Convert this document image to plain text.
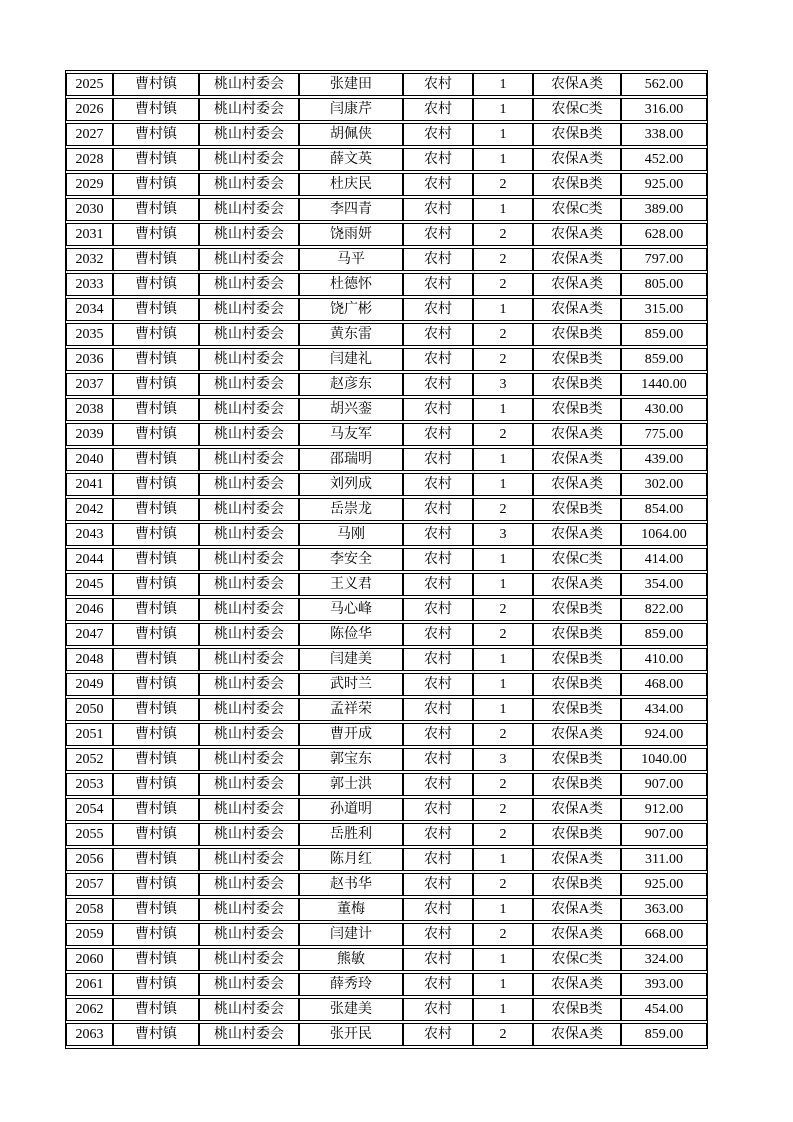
2025	曹村镇	桃山村委会	张建田	农村	1	农保A类	562.00
2026	曹村镇	桃山村委会	闫康芹	农村	1	农保C类	316.00
2027	曹村镇	桃山村委会	胡佩侠	农村	1	农保B类	338.00
2028	曹村镇	桃山村委会	薛文英	农村	1	农保A类	452.00
2029	曹村镇	桃山村委会	杜庆民	农村	2	农保B类	925.00
2030	曹村镇	桃山村委会	李四青	农村	1	农保C类	389.00
2031	曹村镇	桃山村委会	饶雨妍	农村	2	农保A类	628.00
2032	曹村镇	桃山村委会	马平	农村	2	农保A类	797.00
2033	曹村镇	桃山村委会	杜德怀	农村	2	农保A类	805.00
2034	曹村镇	桃山村委会	饶广彬	农村	1	农保A类	315.00
2035	曹村镇	桃山村委会	黄东雷	农村	2	农保B类	859.00
2036	曹村镇	桃山村委会	闫建礼	农村	2	农保B类	859.00
2037	曹村镇	桃山村委会	赵彦东	农村	3	农保B类	1440.00
2038	曹村镇	桃山村委会	胡兴銮	农村	1	农保B类	430.00
2039	曹村镇	桃山村委会	马友军	农村	2	农保A类	775.00
2040	曹村镇	桃山村委会	邵瑞明	农村	1	农保A类	439.00
2041	曹村镇	桃山村委会	刘列成	农村	1	农保A类	302.00
2042	曹村镇	桃山村委会	岳崇龙	农村	2	农保B类	854.00
2043	曹村镇	桃山村委会	马刚	农村	3	农保A类	1064.00
2044	曹村镇	桃山村委会	李安全	农村	1	农保C类	414.00
2045	曹村镇	桃山村委会	王义君	农村	1	农保A类	354.00
2046	曹村镇	桃山村委会	马心峰	农村	2	农保B类	822.00
2047	曹村镇	桃山村委会	陈俭华	农村	2	农保B类	859.00
2048	曹村镇	桃山村委会	闫建美	农村	1	农保B类	410.00
2049	曹村镇	桃山村委会	武时兰	农村	1	农保B类	468.00
2050	曹村镇	桃山村委会	孟祥荣	农村	1	农保B类	434.00
2051	曹村镇	桃山村委会	曹开成	农村	2	农保A类	924.00
2052	曹村镇	桃山村委会	郭宝东	农村	3	农保B类	1040.00
2053	曹村镇	桃山村委会	郭士洪	农村	2	农保B类	907.00
2054	曹村镇	桃山村委会	孙道明	农村	2	农保A类	912.00
2055	曹村镇	桃山村委会	岳胜利	农村	2	农保B类	907.00
2056	曹村镇	桃山村委会	陈月红	农村	1	农保A类	311.00
2057	曹村镇	桃山村委会	赵书华	农村	2	农保B类	925.00
2058	曹村镇	桃山村委会	董梅	农村	1	农保A类	363.00
2059	曹村镇	桃山村委会	闫建计	农村	2	农保A类	668.00
2060	曹村镇	桃山村委会	熊敏	农村	1	农保C类	324.00
2061	曹村镇	桃山村委会	薛秀玲	农村	1	农保A类	393.00
2062	曹村镇	桃山村委会	张建美	农村	1	农保B类	454.00
2063	曹村镇	桃山村委会	张开民	农村	2	农保A类	859.00
